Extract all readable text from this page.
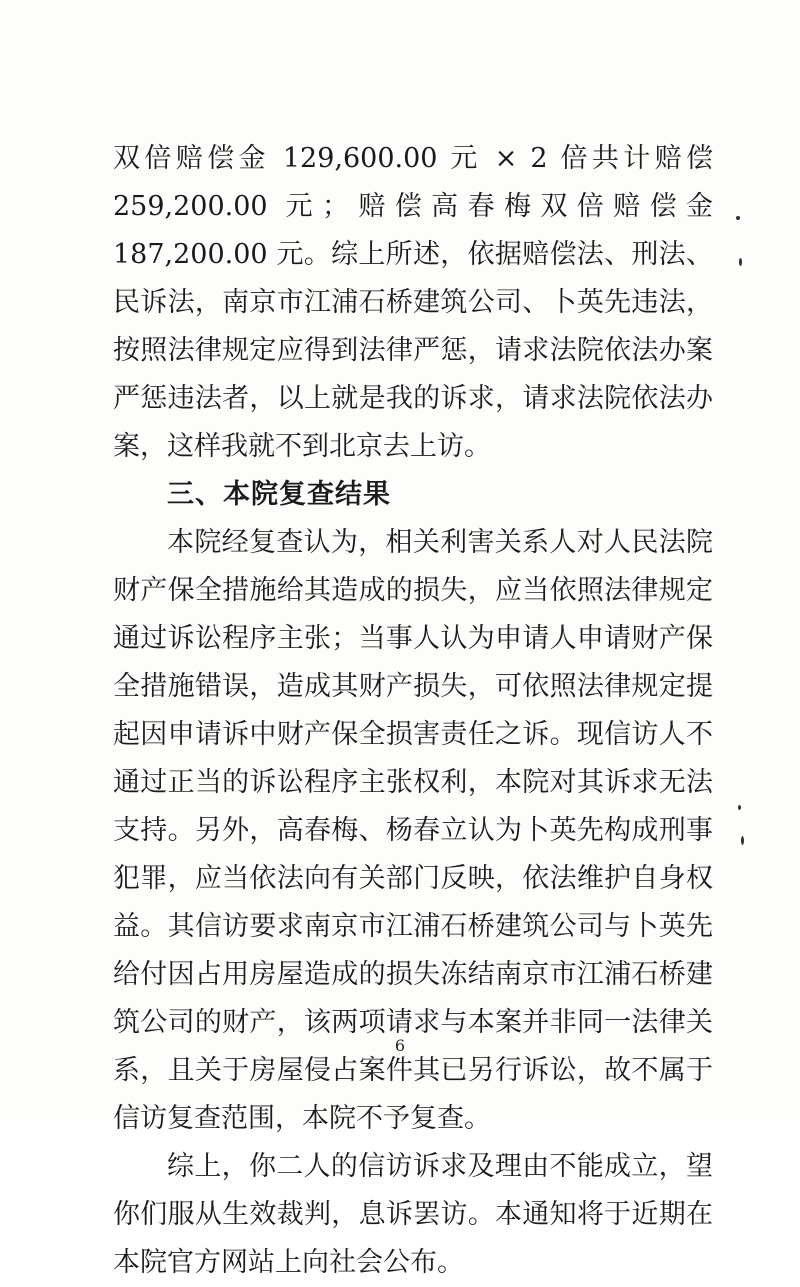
双倍赔偿金 129,600.00 元 × 2 倍共计赔偿 259,200.00 元；赔偿高春梅双倍赔偿金 187,200.00 元。综上所述，依据赔偿法、刑法、民诉法，南京市江浦石桥建筑公司、卜英先违法，按照法律规定应得到法律严惩，请求法院依法办案严惩违法者，以上就是我的诉求，请求法院依法办案，这样我就不到北京去上访。

三、本院复查结果

本院经复查认为，相关利害关系人对人民法院财产保全措施给其造成的损失，应当依照法律规定通过诉讼程序主张；当事人认为申请人申请财产保全措施错误，造成其财产损失，可依照法律规定提起因申请诉中财产保全损害责任之诉。现信访人不通过正当的诉讼程序主张权利，本院对其诉求无法支持。另外，高春梅、杨春立认为卜英先构成刑事犯罪，应当依法向有关部门反映，依法维护自身权益。其信访要求南京市江浦石桥建筑公司与卜英先给付因占用房屋造成的损失冻结南京市江浦石桥建筑公司的财产，该两项请求与本案并非同一法律关系，且关于房屋侵占案件其已另行诉讼，故不属于信访复查范围，本院不予复查。

综上，你二人的信访诉求及理由不能成立，望你们服从生效裁判，息诉罢访。本通知将于近期在本院官方网站上向社会公布。

6
